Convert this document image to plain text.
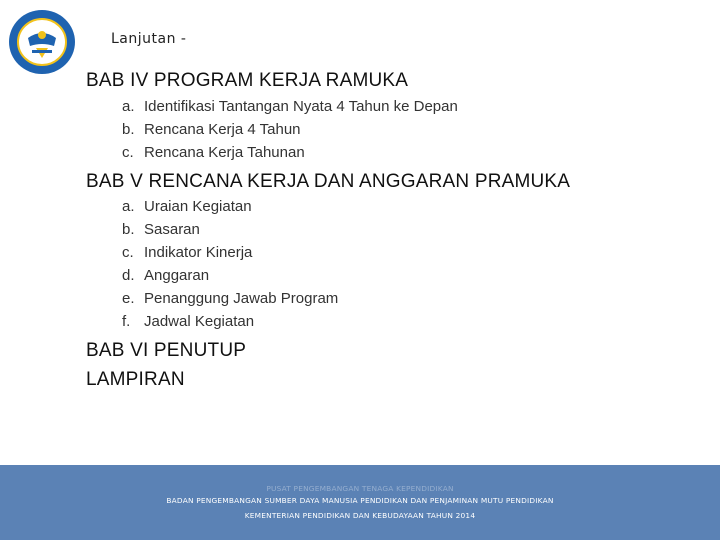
Lanjutan -
BAB IV PROGRAM KERJA RAMUKA
a. Identifikasi Tantangan Nyata 4 Tahun ke Depan
b. Rencana Kerja 4 Tahun
c. Rencana Kerja Tahunan
BAB V RENCANA KERJA DAN ANGGARAN PRAMUKA
a. Uraian Kegiatan
b. Sasaran
c. Indikator Kinerja
d. Anggaran
e. Penanggung Jawab Program
f. Jadwal Kegiatan
BAB VI PENUTUP
LAMPIRAN
PUSAT PENGEMBANGAN TENAGA KEPENDIDIKAN
BADAN PENGEMBANGAN SUMBER DAYA MANUSIA PENDIDIKAN DAN PENJAMINAN MUTU PENDIDIKAN
KEMENTERIAN PENDIDIKAN DAN KEBUDAYAAN TAHUN 2014
